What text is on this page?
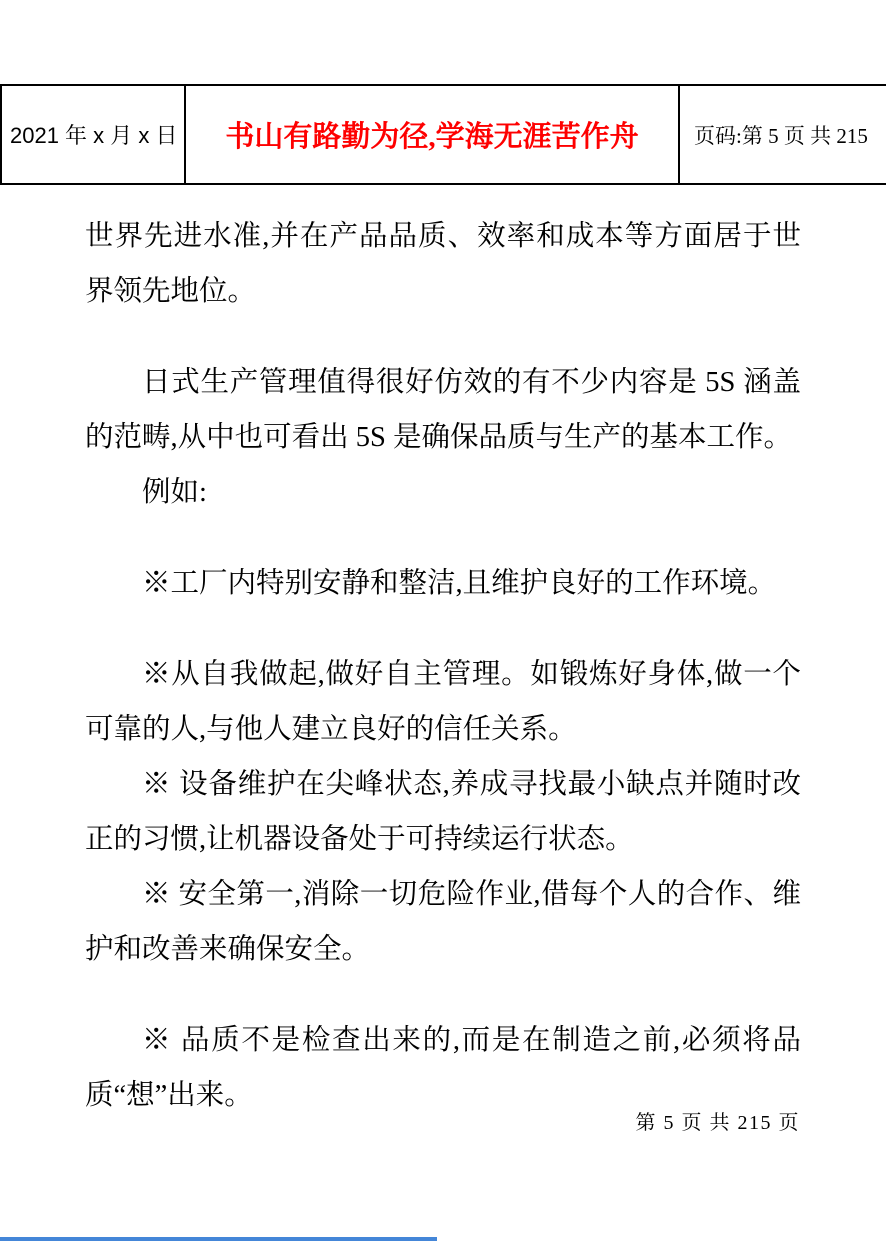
2021 年 x 月 x 日 书山有路勤为径,学海无涯苦作舟	页码:第 5 页 共 215

世界先进水准,并在产品品质、效率和成本等方面居于世界领先地位。

日式生产管理值得很好仿效的有不少内容是 5S 涵盖的范畴,从中也可看出 5S 是确保品质与生产的基本工作。

例如:

※工厂内特别安静和整洁,且维护良好的工作环境。

※从自我做起,做好自主管理。如锻炼好身体,做一个可靠的人,与他人建立良好的信任关系。

※ 设备维护在尖峰状态,养成寻找最小缺点并随时改正的习惯,让机器设备处于可持续运行状态。

※ 安全第一,消除一切危险作业,借每个人的合作、维护和改善来确保安全。

※ 品质不是检查出来的,而是在制造之前,必须将品质“想”出来。

第 5 页 共 215 页
